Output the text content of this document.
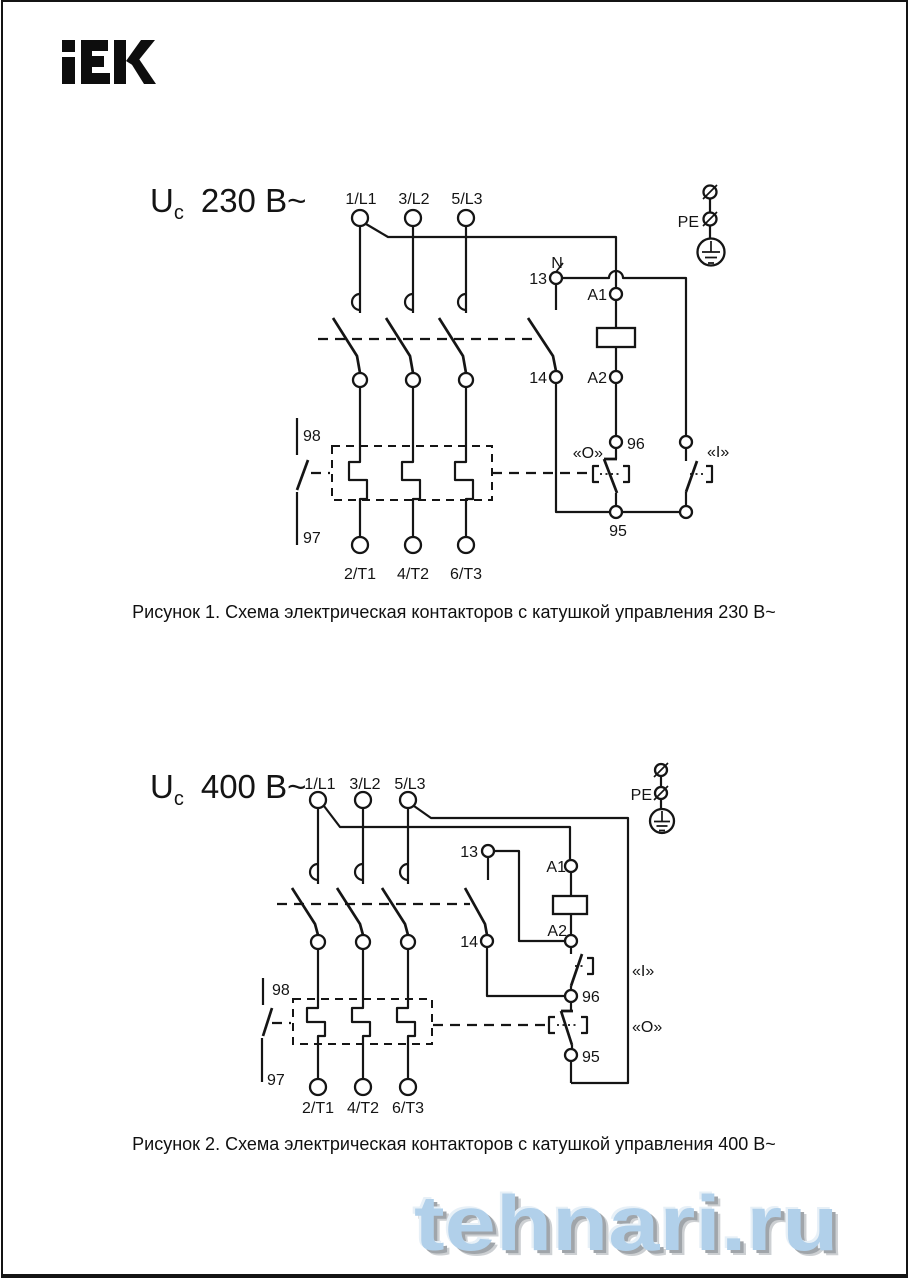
1/L1 3/L2 5/L3
2/T1 4/T2 6/T3
N
13
14
A1
A2
«O»	«I»
96
95
98
97
PE
1/L1 3/L2 5/L3
2/T1 4/T2 6/T3
13
14
A1
A2
«I»
«O»
96
95
98
97
PE
$U_c$ 230 В~
$U_c$ 400 В~
Рисунок 1. Схема электрическая контакторов с катушкой управления 230 В~
Рисунок 2. Схема электрическая контакторов с катушкой управления 400 В~
tehnari.ru
